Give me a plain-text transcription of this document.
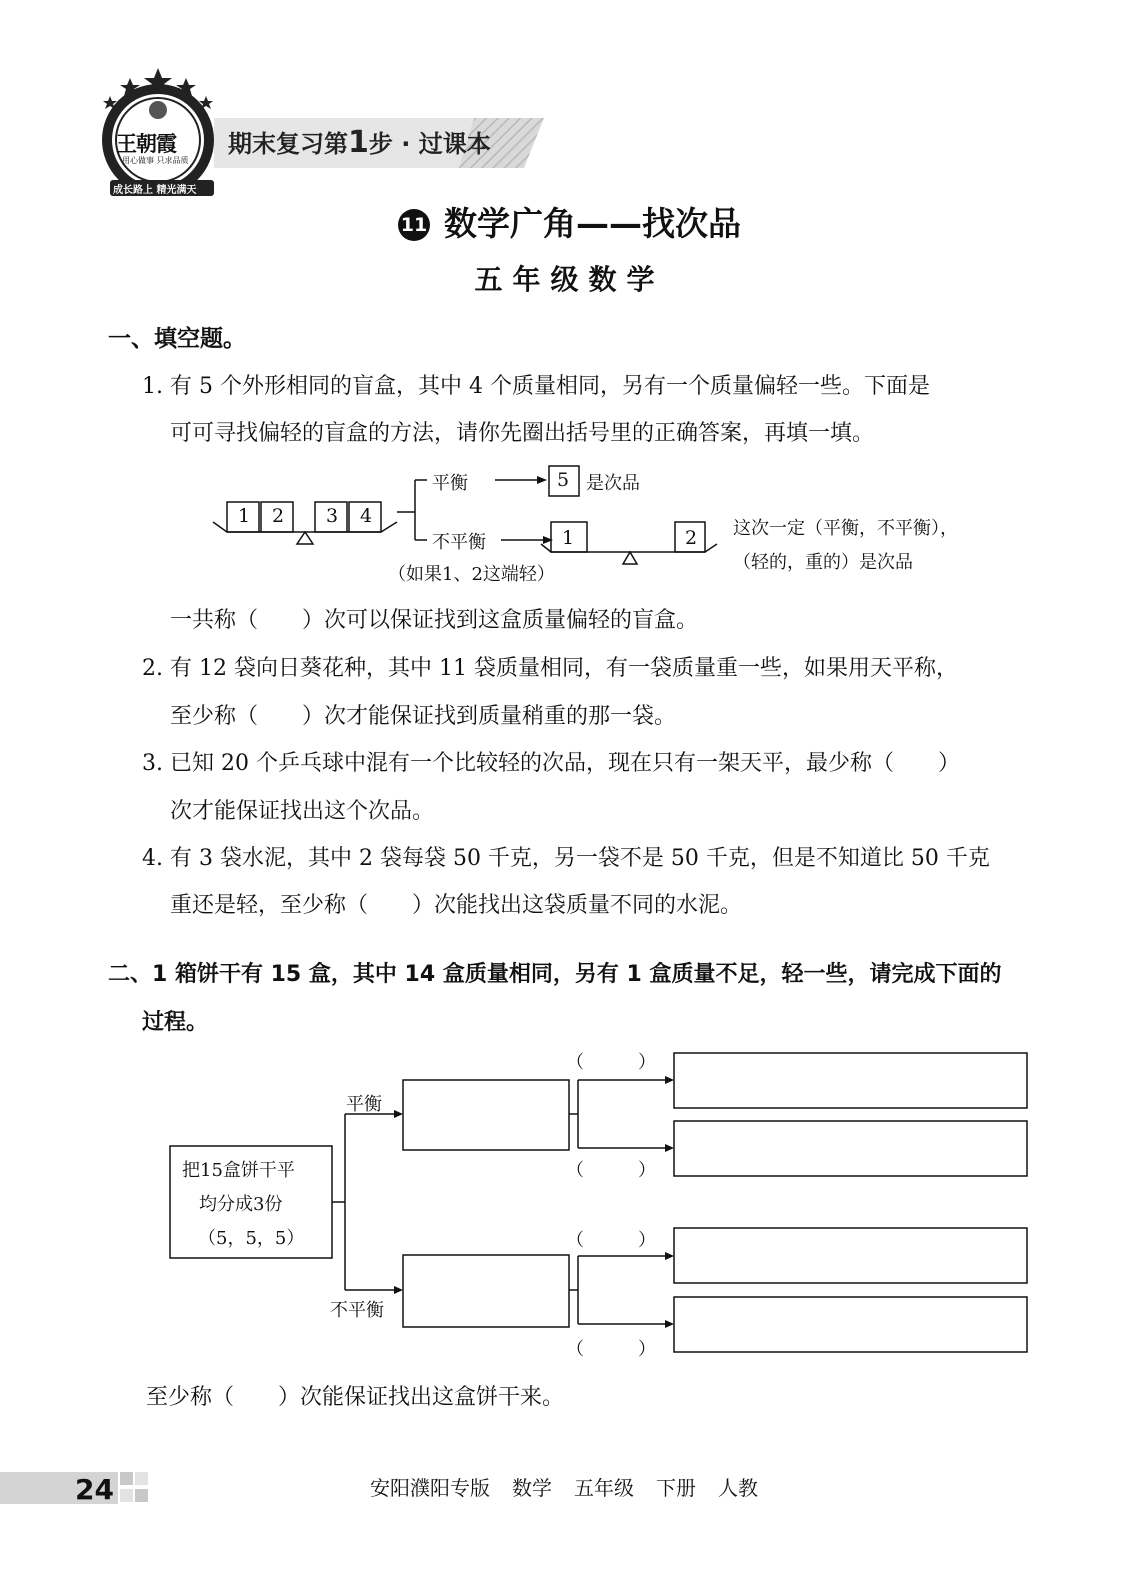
王朝霞
用心做事 只求品质
成长路上 精光满天
期末复习第1步 · 过课本
11 数学广角——找次品
五年级数学
一、填空题。
1. 有 5 个外形相同的盲盒，其中 4 个质量相同，另有一个质量偏轻一些。下面是
可可寻找偏轻的盲盒的方法，请你先圈出括号里的正确答案，再填一填。
1 2 3 4
平衡	5 是次品
不平衡
（如果1、2这端轻）
1	2 这次一定（平衡，不平衡），
（轻的，重的）是次品
一共称（　　）次可以保证找到这盒质量偏轻的盲盒。
2. 有 12 袋向日葵花种，其中 11 袋质量相同，有一袋质量重一些，如果用天平称，
至少称（　　）次才能保证找到质量稍重的那一袋。
3. 已知 20 个乒乓球中混有一个比较轻的次品，现在只有一架天平，最少称（　　）
次才能保证找出这个次品。
4. 有 3 袋水泥，其中 2 袋每袋 50 千克，另一袋不是 50 千克，但是不知道比 50 千克
重还是轻，至少称（　　）次能找出这袋质量不同的水泥。
二、1 箱饼干有 15 盒，其中 14 盒质量相同，另有 1 盒质量不足，轻一些，请完成下面的
过程。
把15盒饼干平
均分成3份
（5，5，5）
平衡
不平衡
（　　　）
（　　　）
（　　　）
（　　　）
至少称（　　）次能保证找出这盒饼干来。
24	安阳濮阳专版 数学 五年级 下册 人教
